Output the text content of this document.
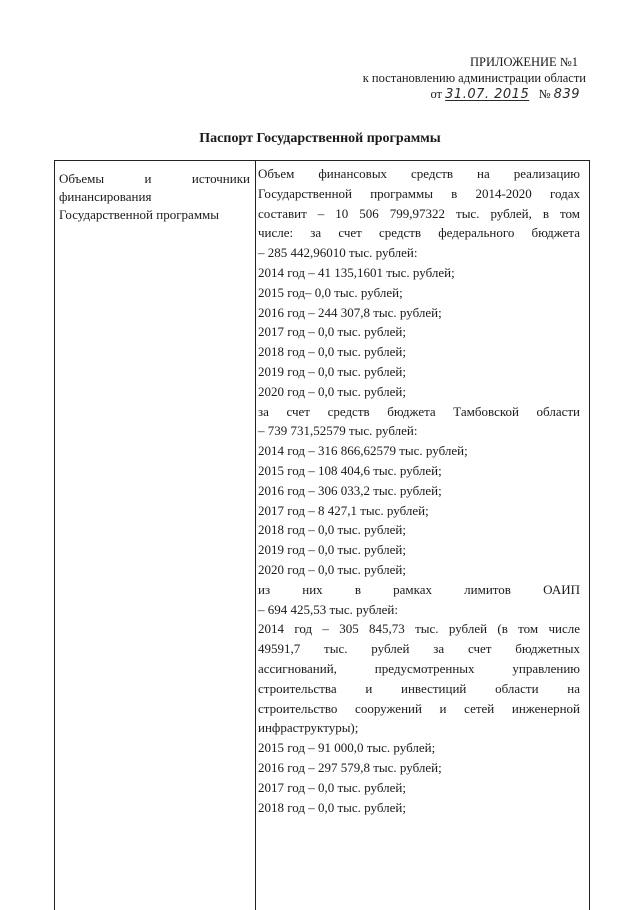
ПРИЛОЖЕНИЕ №1
к постановлению администрации области
от 31.07. 2015 № 839
Паспорт Государственной программы
Объемы и источники
финансирования
Государственной программы
Объем финансовых средств на реализацию
Государственной программы в 2014-2020 годах
составит – 10 506 799,97322 тыс. рублей, в том
числе: за счет средств федерального бюджета
– 285 442,96010 тыс. рублей:
2014 год – 41 135,1601 тыс. рублей;
2015 год– 0,0 тыс. рублей;
2016 год – 244 307,8 тыс. рублей;
2017 год – 0,0 тыс. рублей;
2018 год – 0,0 тыс. рублей;
2019 год – 0,0 тыс. рублей;
2020 год – 0,0 тыс. рублей;
за счет средств бюджета Тамбовской области
– 739 731,52579 тыс. рублей:
2014 год – 316 866,62579 тыс. рублей;
2015 год – 108 404,6 тыс. рублей;
2016 год – 306 033,2 тыс. рублей;
2017 год – 8 427,1 тыс. рублей;
2018 год – 0,0 тыс. рублей;
2019 год – 0,0 тыс. рублей;
2020 год – 0,0 тыс. рублей;
из них в рамках лимитов ОАИП
– 694 425,53 тыс. рублей:
2014 год – 305 845,73 тыс. рублей (в том числе
49591,7 тыс. рублей за счет бюджетных
ассигнований, предусмотренных управлению
строительства и инвестиций области на
строительство сооружений и сетей инженерной
инфраструктуры);
2015 год – 91 000,0 тыс. рублей;
2016 год – 297 579,8 тыс. рублей;
2017 год – 0,0 тыс. рублей;
2018 год – 0,0 тыс. рублей;
